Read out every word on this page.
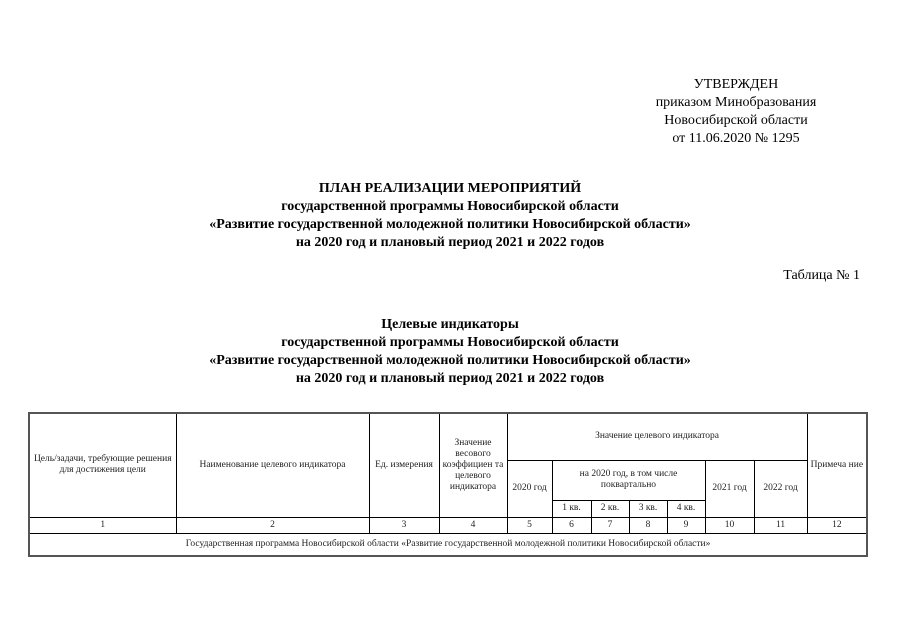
УТВЕРЖДЕН
приказом Минобразования
Новосибирской области
от 11.06.2020 № 1295
ПЛАН РЕАЛИЗАЦИИ МЕРОПРИЯТИЙ
государственной программы Новосибирской области
«Развитие государственной молодежной политики Новосибирской области»
на 2020 год и плановый период 2021 и 2022 годов
Таблица № 1
Целевые индикаторы
государственной программы Новосибирской области
«Развитие государственной молодежной политики Новосибирской области»
на 2020 год и плановый период 2021 и 2022 годов
Цель/задачи, требующие решения для достижения цели	Наименование целевого индикатора	Ед. измерения	Значение весового коэффициен та целевого индикатора	Значение целевого индикатора							Примеча ние
				2020 год	на 2020 год, в том числе поквартально				2021 год	2022 год	
					1 кв.	2 кв.	3 кв.	4 кв.			
1	2	3	4	5	6	7	8	9	10	11	12
Государственная программа Новосибирской области «Развитие государственной молодежной политики Новосибирской области»											
